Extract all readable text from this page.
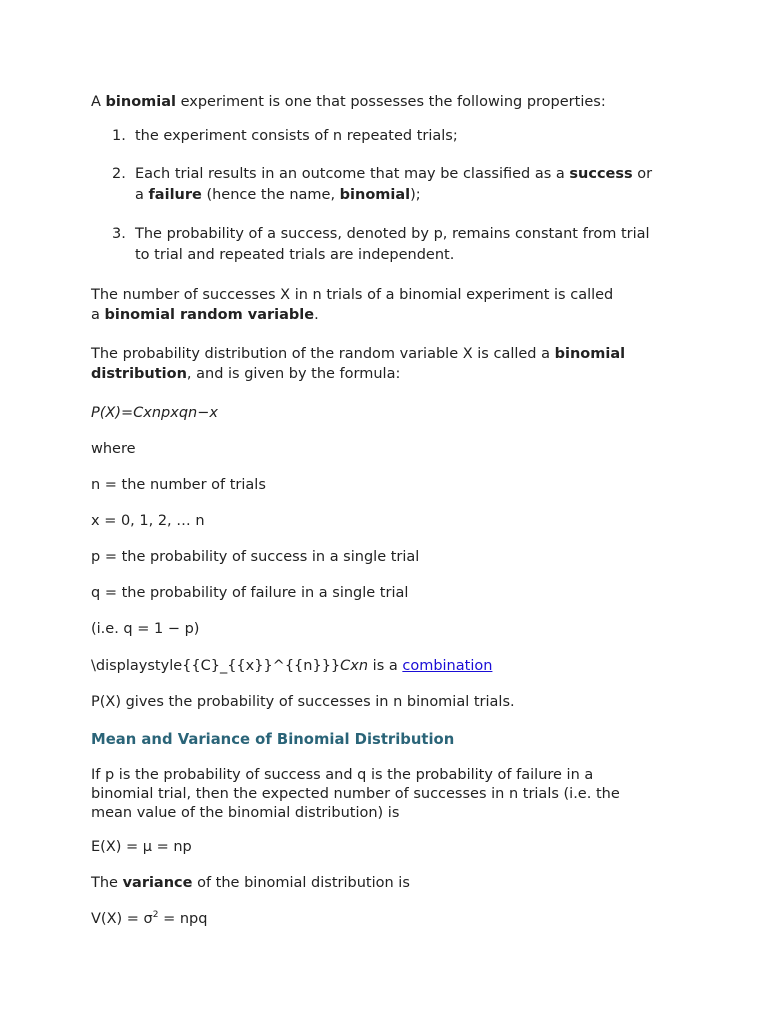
A binomial experiment is one that possesses the following properties:

1. the experiment consists of n repeated trials;
2. Each trial results in an outcome that may be classified as a success or
a failure (hence the name, binomial);
3. The probability of a success, denoted by p, remains constant from trial
to trial and repeated trials are independent.

The number of successes X in n trials of a binomial experiment is called
a binomial random variable.

The probability distribution of the random variable X is called a binomial
distribution, and is given by the formula:

P(X)=Cxnpxqn−x

where

n = the number of trials

x = 0, 1, 2, … n

p = the probability of success in a single trial

q = the probability of failure in a single trial

(i.e. q = 1 − p)

\displaystyle{{C}_{{x}}^{{n}}}Cxn is a combination

P(X) gives the probability of successes in n binomial trials.

Mean and Variance of Binomial Distribution

If p is the probability of success and q is the probability of failure in a binomial trial, then the expected number of successes in n trials (i.e. the mean value of the binomial distribution) is

E(X) = μ = np

The variance of the binomial distribution is

$V(X) = \sigma^2$ = npq
